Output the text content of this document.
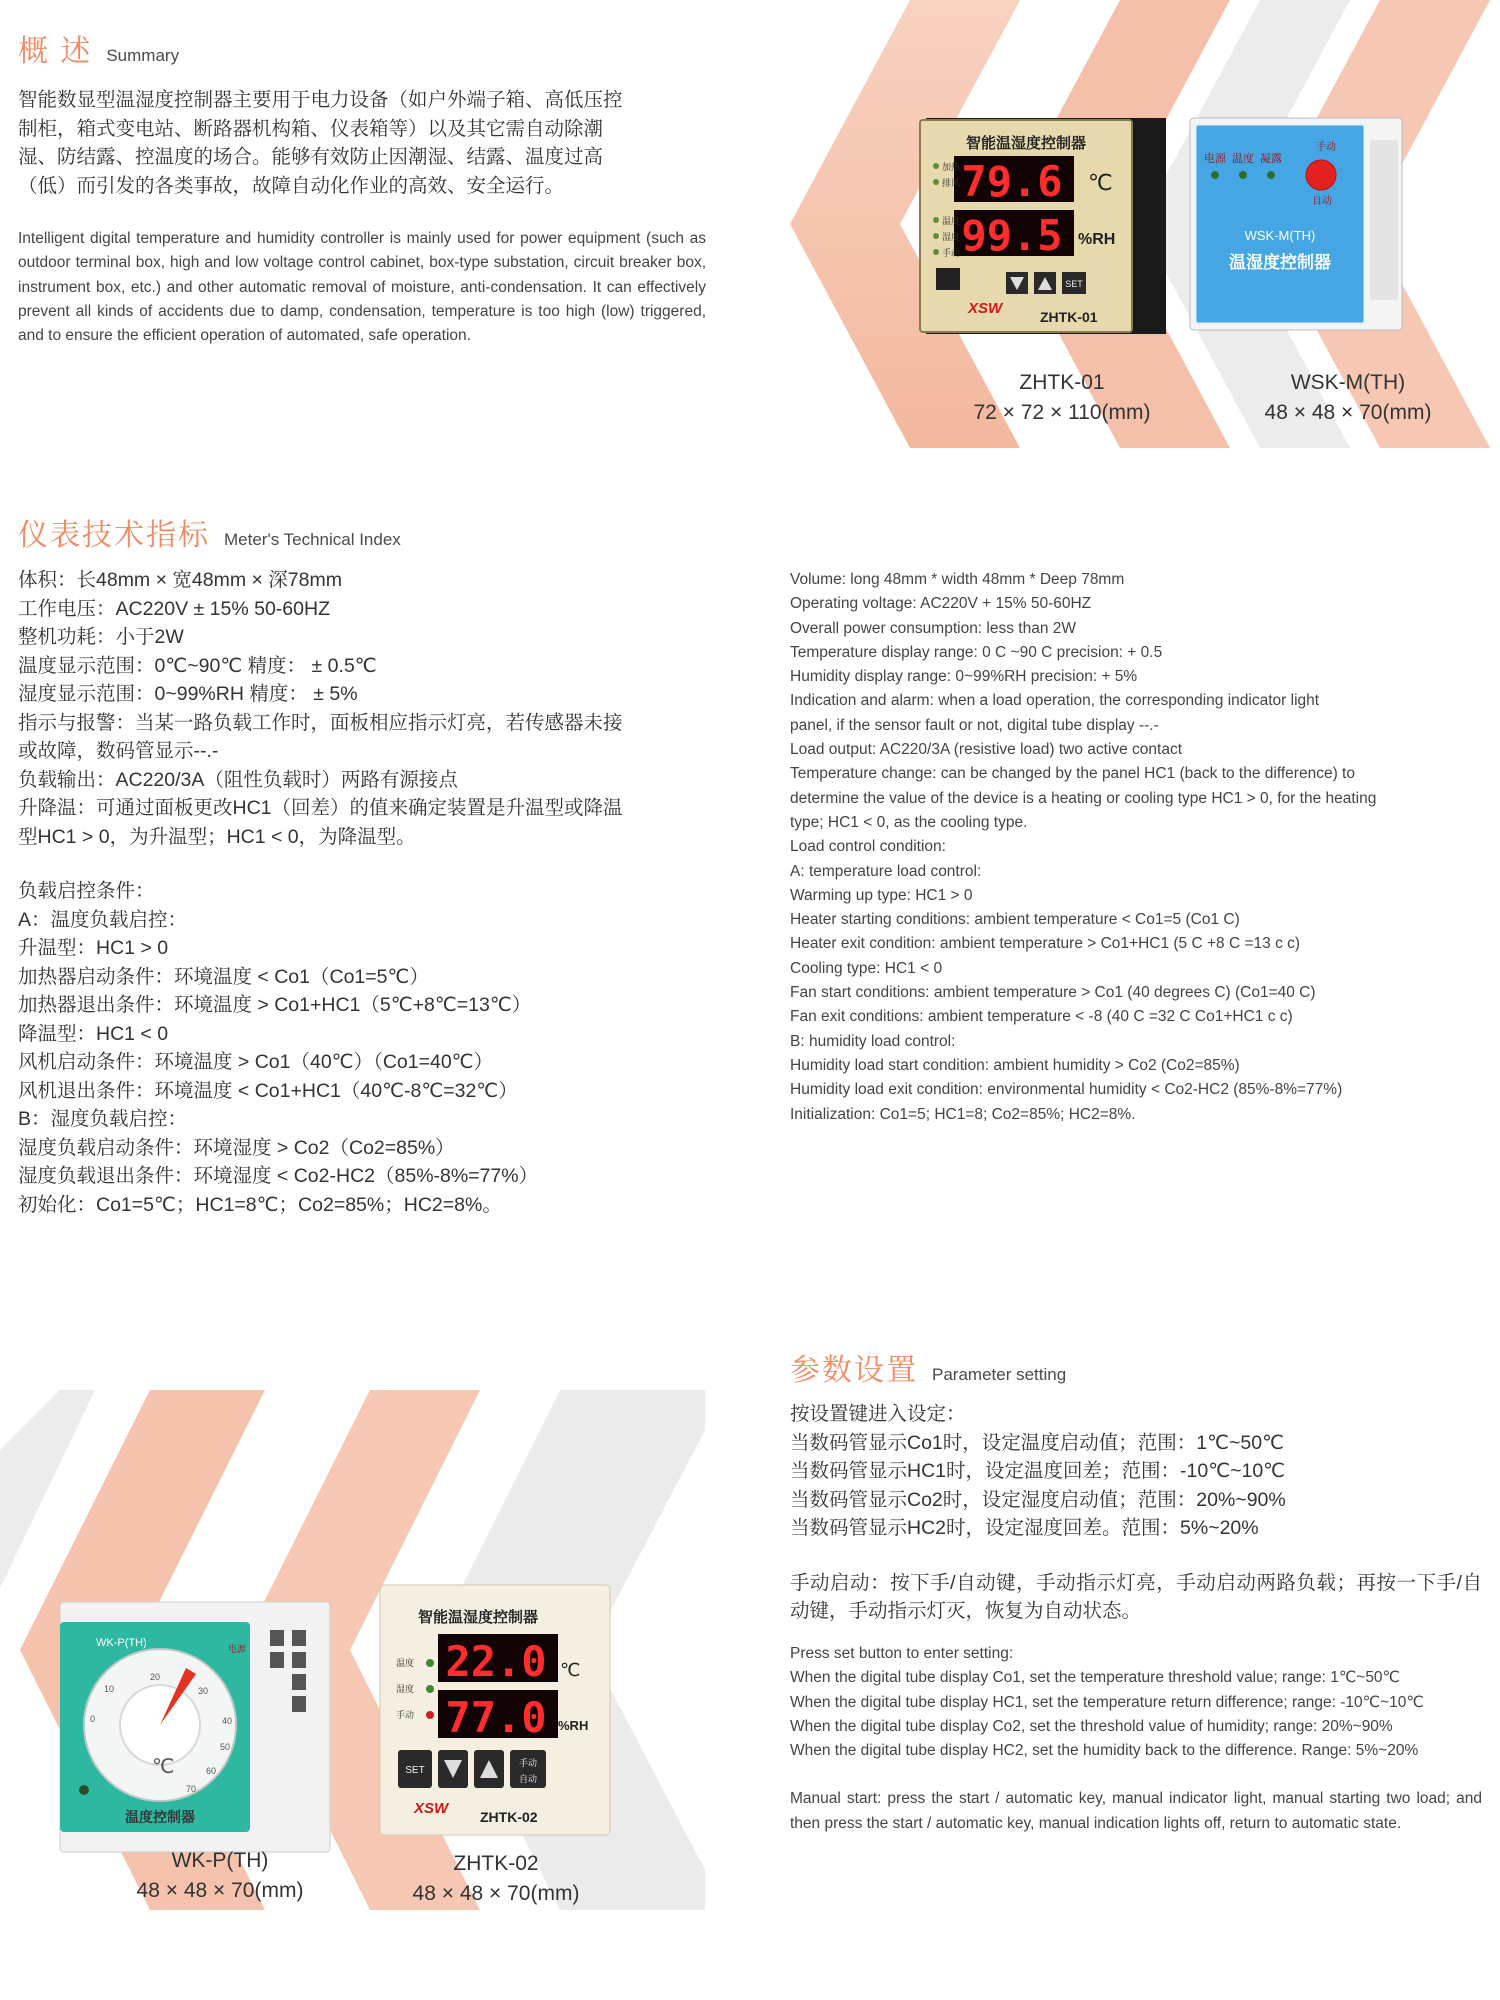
概 述 Summary
智能数显型温湿度控制器主要用于电力设备（如户外端子箱、高低压控
制柜，箱式变电站、断路器机构箱、仪表箱等）以及其它需自动除潮
湿、防结露、控温度的场合。能够有效防止因潮湿、结露、温度过高
（低）而引发的各类事故，故障自动化作业的高效、安全运行。
Intelligent digital temperature and humidity controller is mainly used for power equipment (such as outdoor terminal box, high and low voltage control cabinet, box-type substation, circuit breaker box, instrument box, etc.) and other automatic removal of moisture, anti-condensation. It can effectively prevent all kinds of accidents due to damp, condensation, temperature is too high (low) triggered, and to ensure the efficient operation of automated, safe operation.
智能温湿度控制器
79.6 ℃
99.5 %RH
加热
排风
温度
湿度
手动
SET
XSW	ZHTK-01
电源 温度 凝露
手动
自动
WSK-M(TH)
温湿度控制器
ZHTK-01
72 × 72 × 110(mm)
WSK-M(TH)
48 × 48 × 70(mm)
仪表技术指标 Meter's Technical Index
体积：长48mm × 宽48mm × 深78mm
工作电压：AC220V ± 15% 50-60HZ
整机功耗：小于2W
温度显示范围：0℃~90℃ 精度： ± 0.5℃
湿度显示范围：0~99%RH 精度： ± 5%
指示与报警：当某一路负载工作时，面板相应指示灯亮，若传感器未接
或故障，数码管显示--.-
负载输出：AC220/3A（阻性负载时）两路有源接点
升降温：可通过面板更改HC1（回差）的值来确定装置是升温型或降温
型HC1 > 0，为升温型；HC1 < 0，为降温型。
负载启控条件：
A：温度负载启控：
升温型：HC1 > 0
加热器启动条件：环境温度 < Co1（Co1=5℃）
加热器退出条件：环境温度 > Co1+HC1（5℃+8℃=13℃）
降温型：HC1 < 0
风机启动条件：环境温度 > Co1（40℃）（Co1=40℃）
风机退出条件：环境温度 < Co1+HC1（40℃-8℃=32℃）
B：湿度负载启控：
湿度负载启动条件：环境湿度 > Co2（Co2=85%）
湿度负载退出条件：环境湿度 < Co2-HC2（85%-8%=77%）
初始化：Co1=5℃；HC1=8℃；Co2=85%；HC2=8%。
Volume: long 48mm * width 48mm * Deep 78mm
Operating voltage: AC220V + 15% 50-60HZ
Overall power consumption: less than 2W
Temperature display range: 0 C ~90 C precision: + 0.5
Humidity display range: 0~99%RH precision: + 5%
Indication and alarm: when a load operation, the corresponding indicator light
panel, if the sensor fault or not, digital tube display --.-
Load output: AC220/3A (resistive load) two active contact
Temperature change: can be changed by the panel HC1 (back to the difference) to
determine the value of the device is a heating or cooling type HC1 > 0, for the heating
type; HC1 < 0, as the cooling type.
Load control condition:
A: temperature load control:
Warming up type: HC1 > 0
Heater starting conditions: ambient temperature < Co1=5 (Co1 C)
Heater exit condition: ambient temperature > Co1+HC1 (5 C +8 C =13 c c)
Cooling type: HC1 < 0
Fan start conditions: ambient temperature > Co1 (40 degrees C) (Co1=40 C)
Fan exit conditions: ambient temperature < -8 (40 C =32 C Co1+HC1 c c)
B: humidity load control:
Humidity load start condition: ambient humidity > Co2 (Co2=85%)
Humidity load exit condition: environmental humidity < Co2-HC2 (85%-8%=77%)
Initialization: Co1=5; HC1=8; Co2=85%; HC2=8%.
WK-P(TH)	电源
20
30
40
50
60
70
10
0
℃
温度控制器
智能温湿度控制器
22.0 ℃
77.0 %RH
温度
湿度
手动
SET
手动
自动
XSW ZHTK-02
WK-P(TH)
48 × 48 × 70(mm)
ZHTK-02
48 × 48 × 70(mm)
参数设置 Parameter setting
按设置键进入设定：
当数码管显示Co1时，设定温度启动值；范围：1℃~50℃
当数码管显示HC1时，设定温度回差；范围：-10℃~10℃
当数码管显示Co2时，设定湿度启动值；范围：20%~90%
当数码管显示HC2时，设定湿度回差。范围：5%~20%
手动启动：按下手/自动键，手动指示灯亮，手动启动两路负载；再按一下手/自动键，手动指示灯灭，恢复为自动状态。
Press set button to enter setting:
When the digital tube display Co1, set the temperature threshold value; range: 1℃~50℃
When the digital tube display HC1, set the temperature return difference; range: -10℃~10℃
When the digital tube display Co2, set the threshold value of humidity; range: 20%~90%
When the digital tube display HC2, set the humidity back to the difference. Range: 5%~20%
Manual start: press the start / automatic key, manual indicator light, manual starting two load; and then press the start / automatic key, manual indication lights off, return to automatic state.
